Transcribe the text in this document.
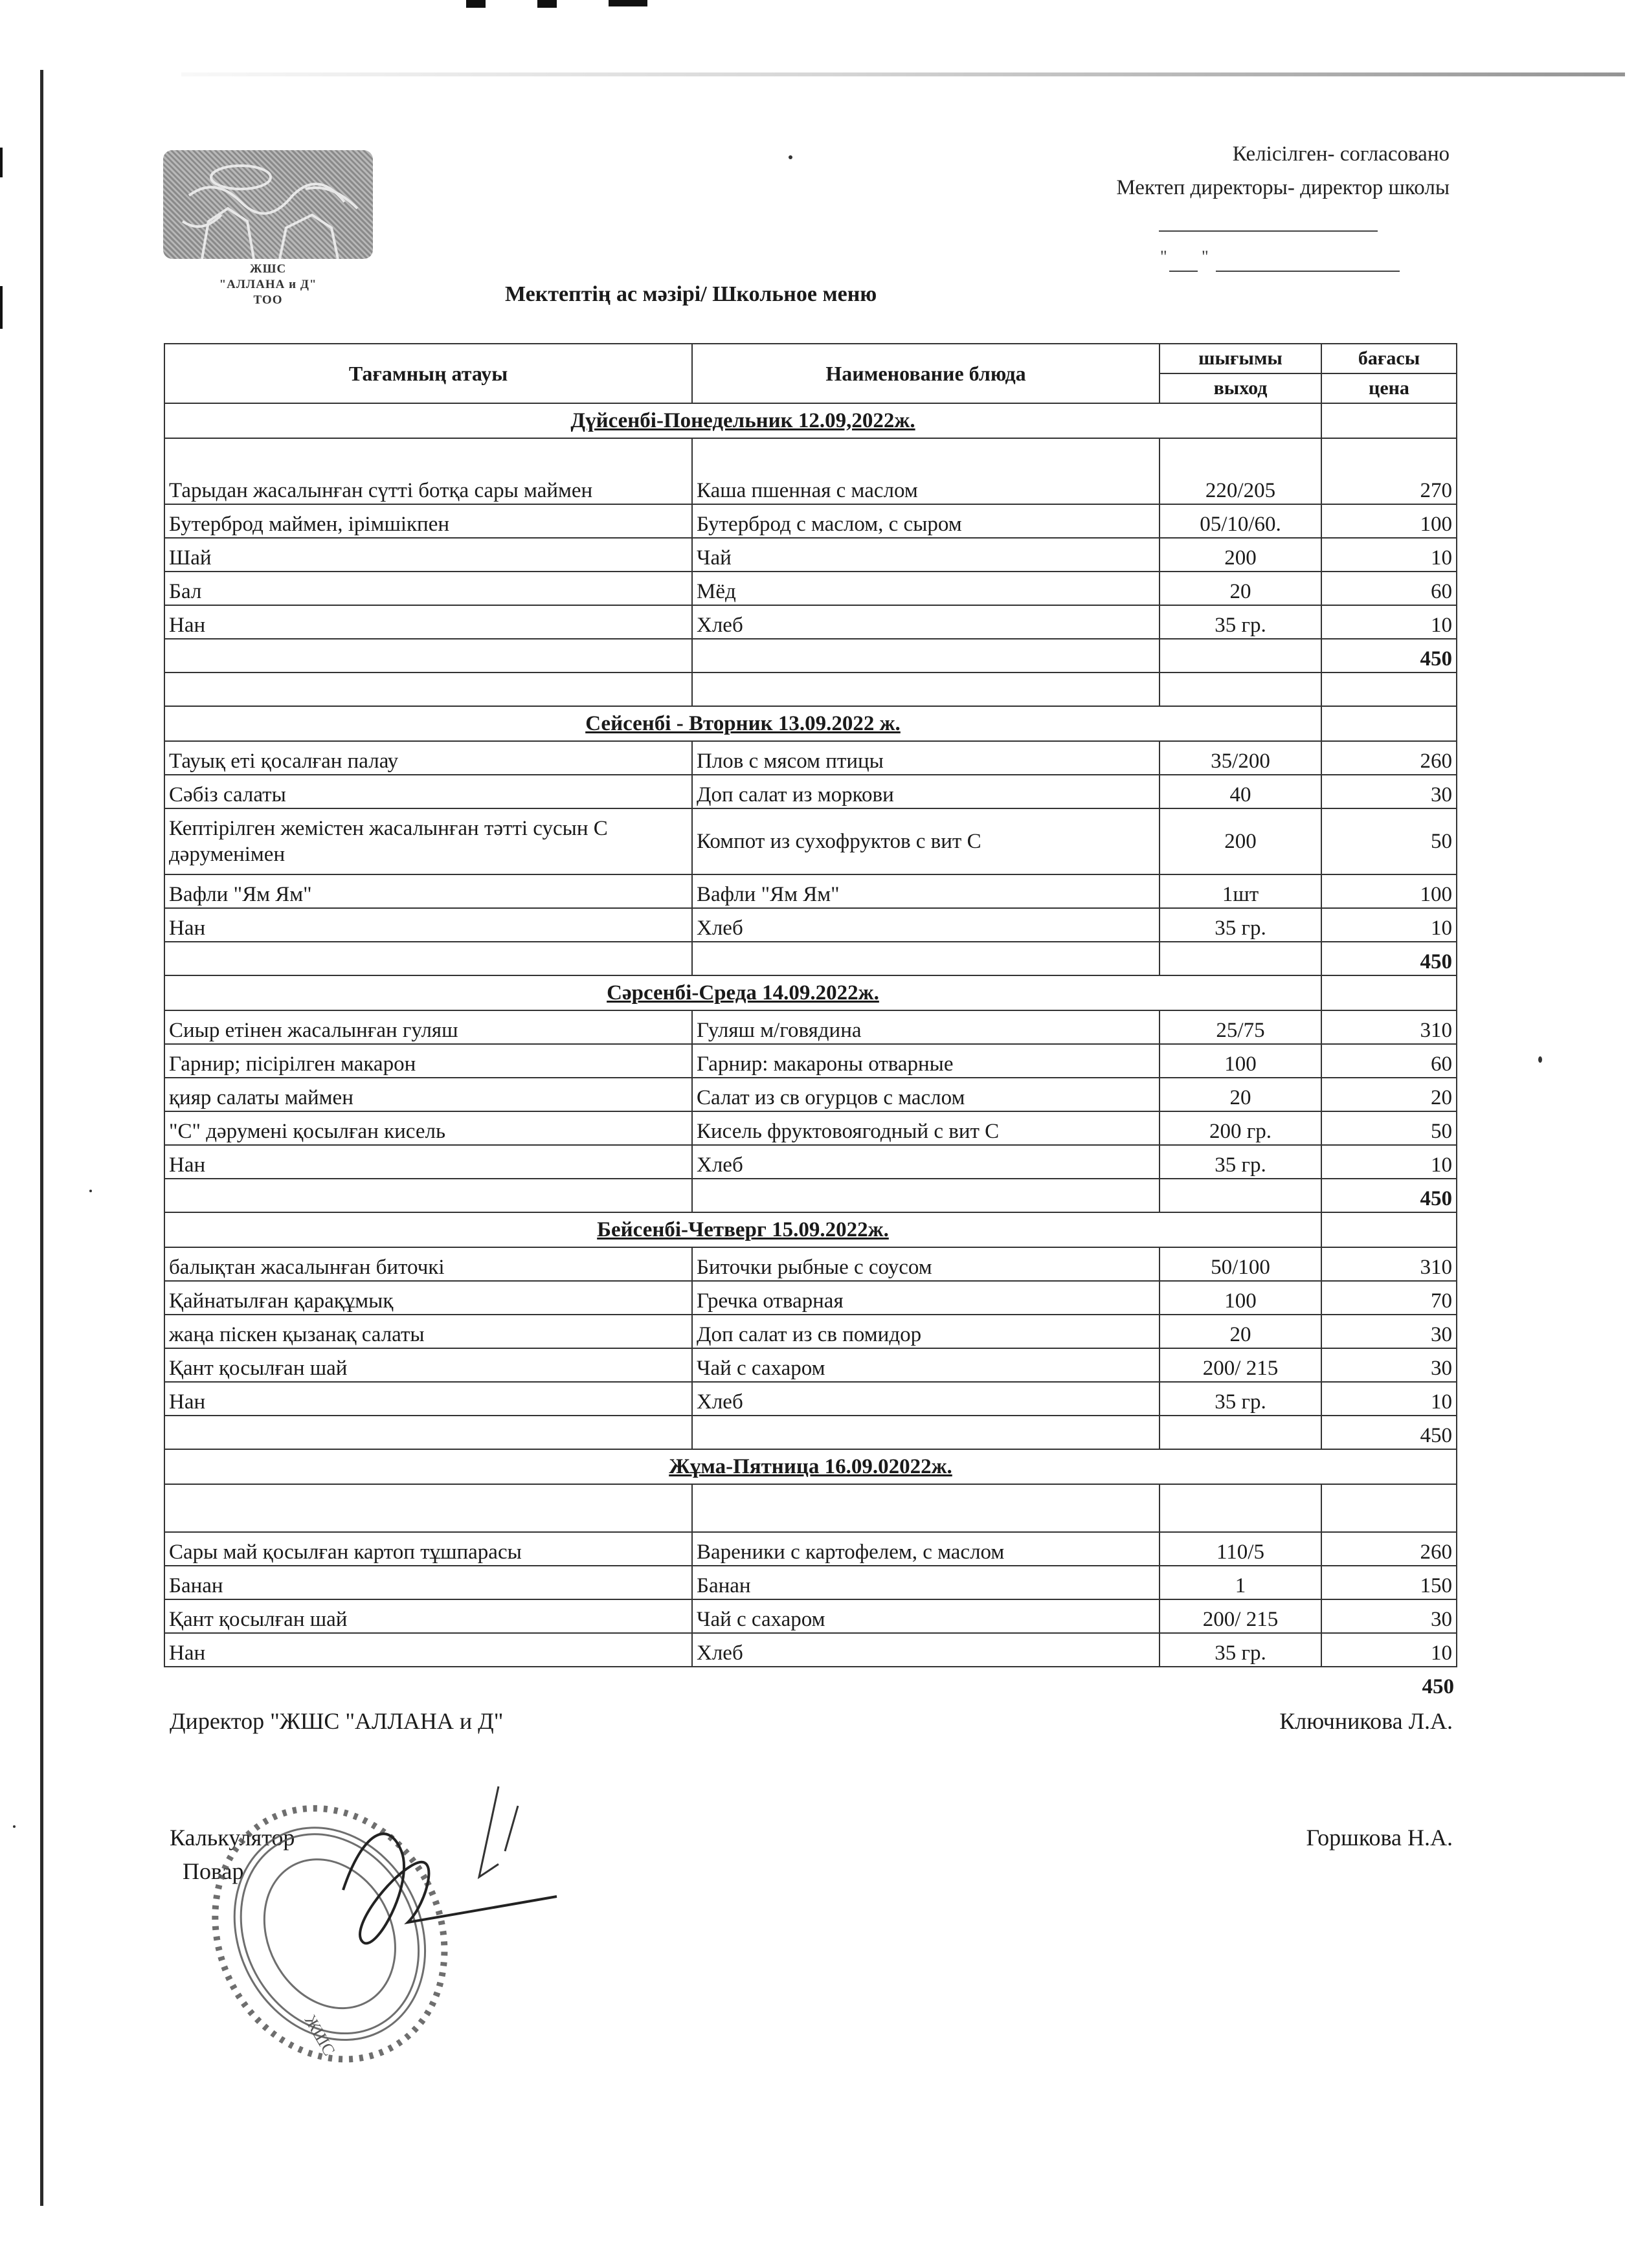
Келісілген- согласовано
Мектеп директоры- директор школы
" "
ЖШС
"АЛЛАНА и Д"
ТОО	Мектептің ас мәзірі/ Школьное меню
Тағамның атауы	Наименование блюда	шығымы	бағасы
		выход	цена
Дүйсенбі-Понедельник 12.09,2022ж.			
Тарыдан жасалынған сүтті ботқа сары маймен	Каша пшенная с маслом	220/205	270
Бутерброд маймен, ірімшікпен	Бутерброд с маслом, с сыром	05/10/60.	100
Шай	Чай	200	10
Бал	Мёд	20	60
Нан	Хлеб	35 гр.	10
			450

Сейсенбі - Вторник 13.09.2022 ж.			
Тауық еті қосалған палау	Плов с мясом птицы	35/200	260
Сәбіз салаты	Доп салат из моркови	40	30
Кептірілген жемістен жасалынған тәтті сусын С дәруменімен	Компот из сухофруктов с вит С	200	50
Вафли "Ям Ям"	Вафли "Ям Ям"	1шт	100
Нан	Хлеб	35 гр.	10
			450
Сәрсенбі-Среда 14.09.2022ж.			
Сиыр етінен жасалынған гуляш	Гуляш м/говядина	25/75	310
Гарнир; пісірілген макарон	Гарнир: макароны отварные	100	60
қияр салаты маймен	Салат из св огурцов с маслом	20	20
"С" дәрумені қосылған кисель	Кисель фруктовоягодный с вит С	200 гр.	50
Нан	Хлеб	35 гр.	10
			450
Бейсенбі-Четверг 15.09.2022ж.			
балықтан жасалынған биточкі	Биточки рыбные с соусом	50/100	310
Қайнатылған қарақұмық	Гречка отварная	100	70
жаңа піскен қызанақ салаты	Доп салат из св помидор	20	30
Қант қосылған шай	Чай с сахаром	200/ 215	30
Нан	Хлеб	35 гр.	10
			450
Жұма-Пятница 16.09.02022ж.			

Сары май қосылған картоп тұшпарасы	Вареники с картофелем, с маслом	110/5	260
Банан	Банан	1	150
Қант қосылған шай	Чай с сахаром	200/ 215	30
Нан	Хлеб	35 гр.	10
450
Директор "ЖШС "АЛЛАНА и Д"	Ключникова Л.А.
Калькулятор	Горшкова Н.А.
Повар
ЖШС
